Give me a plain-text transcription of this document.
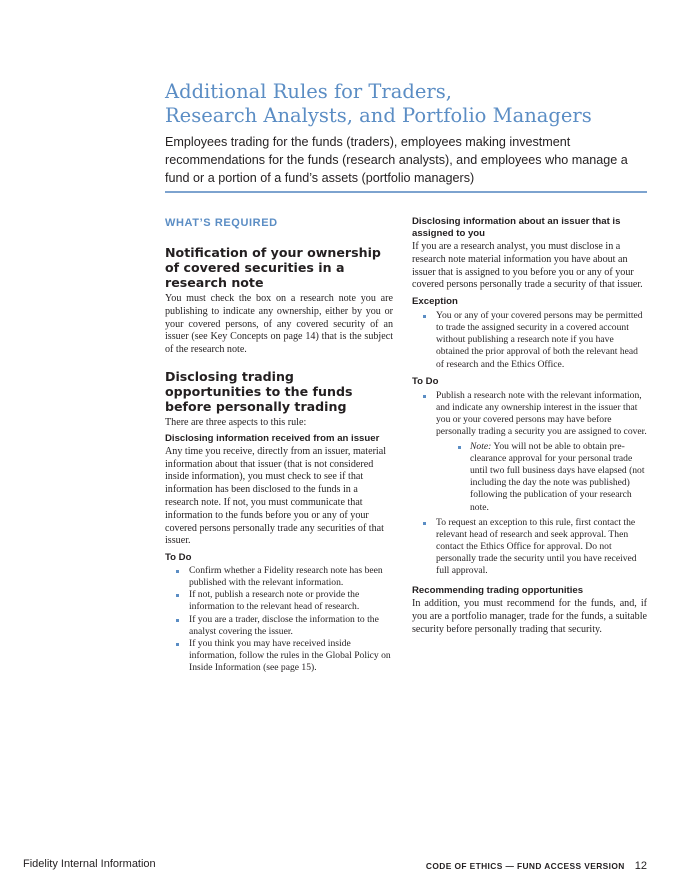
Additional Rules for Traders,
Research Analysts, and Portfolio Managers
Employees trading for the funds (traders), employees making investment recommendations for the funds (research analysts), and employees who manage a fund or a portion of a fund’s assets (portfolio managers)
WHAT’S REQUIRED
Notification of your ownership of covered securities in a research note
You must check the box on a research note you are publishing to indicate any ownership, either by you or your covered persons, of any covered security of an issuer (see Key Concepts on page 14) that is the subject of the research note.
Disclosing trading opportunities to the funds before personally trading
There are three aspects to this rule:
Disclosing information received from an issuer
Any time you receive, directly from an issuer, material information about that issuer (that is not considered inside information), you must check to see if that information has been disclosed to the funds in a research note. If not, you must communicate that information to the funds before you or any of your covered persons personally trade any securities of that issuer.
To Do
Confirm whether a Fidelity research note has been published with the relevant information.
If not, publish a research note or provide the information to the relevant head of research.
If you are a trader, disclose the information to the analyst covering the issuer.
If you think you may have received inside information, follow the rules in the Global Policy on Inside Information (see page 15).
Disclosing information about an issuer that is assigned to you
If you are a research analyst, you must disclose in a research note material information you have about an issuer that is assigned to you before you or any of your covered persons personally trade a security of that issuer.
Exception
You or any of your covered persons may be permitted to trade the assigned security in a covered account without publishing a research note if you have obtained the prior approval of both the relevant head of research and the Ethics Office.
To Do
Publish a research note with the relevant information, and indicate any ownership interest in the issuer that you or your covered persons may have before personally trading a security you are assigned to cover.
Note: You will not be able to obtain pre-clearance approval for your personal trade until two full business days have elapsed (not including the day the note was published) following the publication of your research note.
To request an exception to this rule, first contact the relevant head of research and seek approval. Then contact the Ethics Office for approval. Do not personally trade the security until you have received full approval.
Recommending trading opportunities
In addition, you must recommend for the funds, and, if you are a portfolio manager, trade for the funds, a suitable security before personally trading that security.
Fidelity Internal Information	CODE OF ETHICS — FUND ACCESS VERSION 12
